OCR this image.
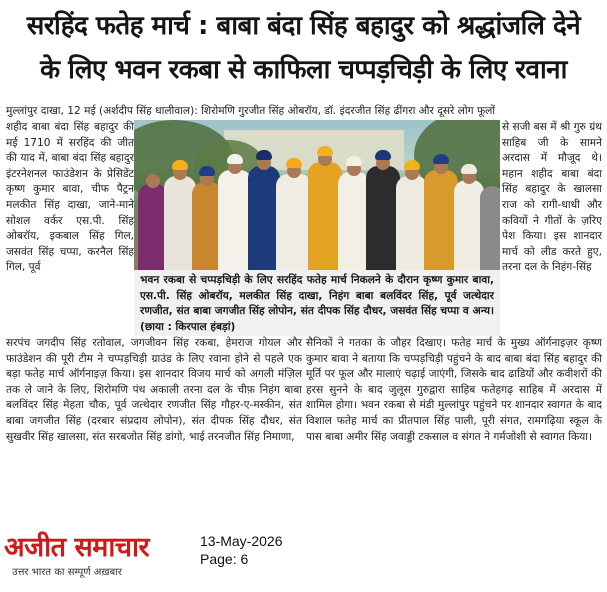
सरहिंद फतेह मार्च : बाबा बंदा सिंह बहादुर को श्रद्धांजलि देने
के लिए भवन रकबा से काफिला चप्पड़चिड़ी के लिए रवाना
मुल्लांपुर दाखा, 12 मई (अर्शदीप सिंह धालीवाल): शिरोमणि गुरजीत सिंह ओबरॉय, डॉ. इंदरजीत सिंह ढींगरा और दूसरे लोग फूलों

शहीद बाबा बंदा सिंह बहादुर की मई 1710 में सरहिंद की जीत की याद में, बाबा बंदा सिंह बहादुर इंटरनेशनल फाउंडेशन के प्रेसिडेंट कृष्ण कुमार बावा, चीफ पैट्रन मलकीत सिंह दाखा, जाने-माने सोशल वर्कर एस.पी. सिंह ओबरॉय, इकबाल सिंह गिल, जसवंत सिंह चप्पा, करनैल सिंह गिल, पूर्व

से सजी बस में श्री गुरु ग्रंथ साहिब जी के सामने अरदास में मौजूद थे। महान शहीद बाबा बंदा सिंह बहादुर के खालसा राज को रागी-धाधी और कवियों ने गीतों के ज़रिए पेश किया। इस शानदार मार्च को लीड करते हुए, तरना दल के निहंग-सिंह

भवन रकबा से चप्पड़चिड़ी के लिए सरहिंद फतेह मार्च निकलने के दौरान कृष्ण कुमार बावा, एस.पी. सिंह ओबरॉय, मलकीत सिंह दाखा, निहंग बाबा बलविंदर सिंह, पूर्व जत्थेदार रणजीत, संत बाबा जगजीत सिंह लोपोन, संत दीपक सिंह दौधर, जसवंत सिंह चप्पा व अन्य। (छाया : किरपाल हंबड़ां)

सरपंच जगदीप सिंह रतोवाल, जगजीवन सिंह रकबा, हेमराज गोयल और फाउंडेशन की पूरी टीम ने चप्पड़चिड़ी ग्राउंड के लिए रवाना होने से पहले एक बड़ा फतेह मार्च ऑर्गनाइज़ किया। इस शानदार विजय मार्च को अगली मंज़िल तक ले जाने के लिए, शिरोमणि पंथ अकाली तरना दल के चीफ़ निहंग बाबा बलविंदर सिंह मेहता चौक, पूर्व जत्थेदार रणजीत सिंह गौहर-ए-मस्कीन, संत बाबा जगजीत सिंह (दरबार संप्रदाय लोपोन), संत दीपक सिंह दौधर, संत सुखवीर सिंह खालसा, संत सरबजोत सिंह डांगो, भाई तरनजीत सिंह निमाणा,

सैनिकों ने गतका के जौहर दिखाए। फतेह मार्च के मुख्य ऑर्गनाइज़र कृष्ण कुमार बावा ने बताया कि चप्पड़चिड़ी पहुंचने के बाद बाबा बंदा सिंह बहादुर की मूर्ति पर फूल और मालाएं चढ़ाई जाएंगी, जिसके बाद ढाडियों और कवीशरों की हरस सुनने के बाद जुलूस गुरुद्वारा साहिब फतेहगढ़ साहिब में अरदास में शामिल होगा। भवन रकबा से मंडी मुल्लांपुर पहुंचने पर शानदार स्वागत के बाद विशाल फतेह मार्च का प्रीतपाल सिंह पाली, पूरी संगत, रामगढ़िया स्कूल के पास बाबा अमीर सिंह जवाड्डी टकसाल व संगत ने गर्मजोशी से स्वागत किया।

अजीत समाचार
उत्तर भारत का सम्पूर्ण अख़बार
13-May-2026
Page: 6
